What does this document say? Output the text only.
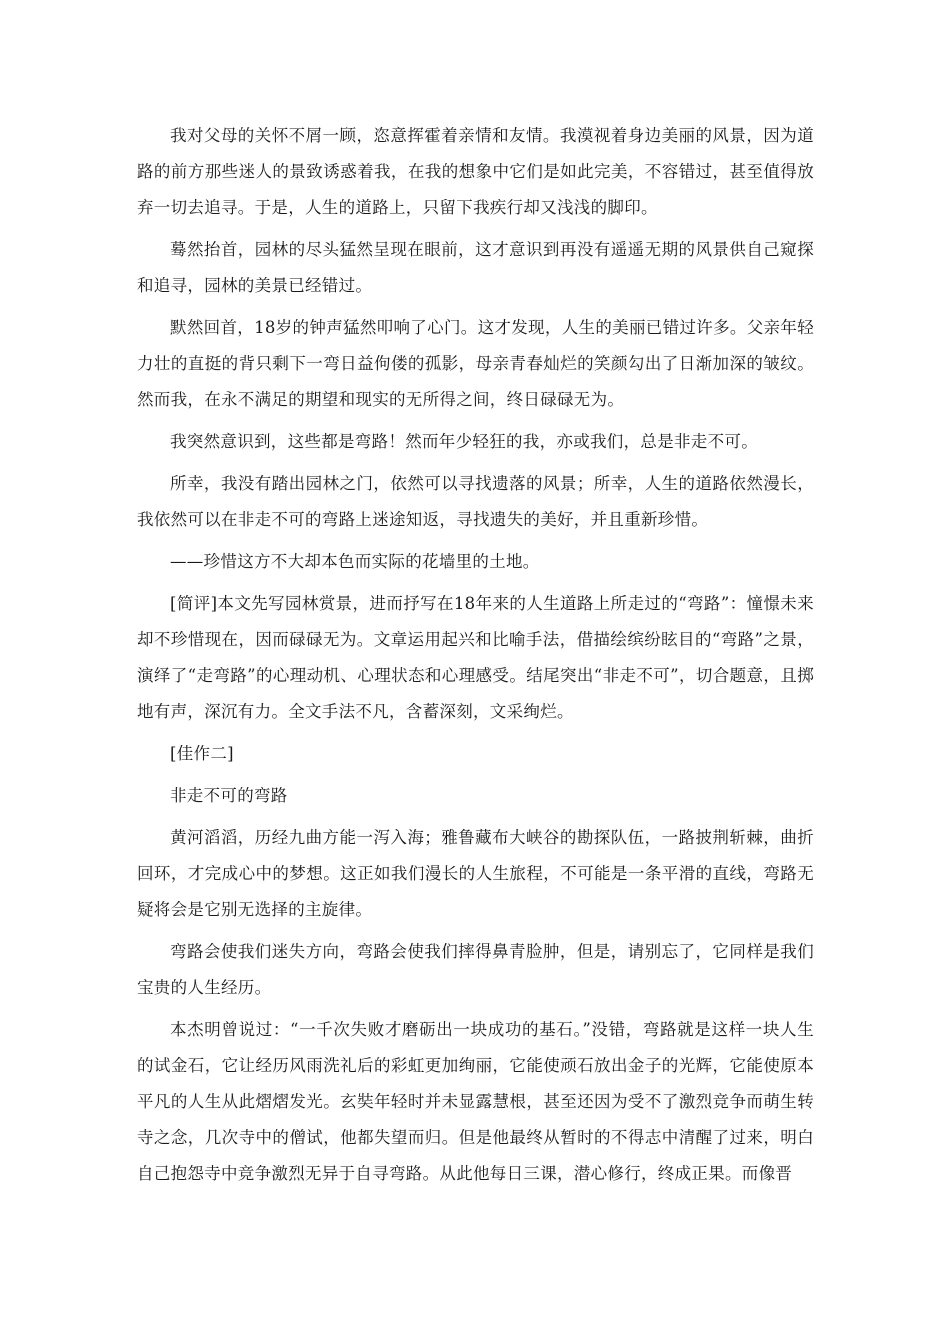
我对父母的关怀不屑一顾，恣意挥霍着亲情和友情。我漠视着身边美丽的风景，因为道路的前方那些迷人的景致诱惑着我，在我的想象中它们是如此完美，不容错过，甚至值得放弃一切去追寻。于是，人生的道路上，只留下我疾行却又浅浅的脚印。

蓦然抬首，园林的尽头猛然呈现在眼前，这才意识到再没有遥遥无期的风景供自己窥探和追寻，园林的美景已经错过。

默然回首，18岁的钟声猛然叩响了心门。这才发现，人生的美丽已错过许多。父亲年轻力壮的直挺的背只剩下一弯日益佝偻的孤影，母亲青春灿烂的笑颜勾出了日渐加深的皱纹。然而我，在永不满足的期望和现实的无所得之间，终日碌碌无为。

我突然意识到，这些都是弯路！然而年少轻狂的我，亦或我们，总是非走不可。

所幸，我没有踏出园林之门，依然可以寻找遗落的风景；所幸，人生的道路依然漫长，我依然可以在非走不可的弯路上迷途知返，寻找遗失的美好，并且重新珍惜。

——珍惜这方不大却本色而实际的花墙里的土地。

[简评]本文先写园林赏景，进而抒写在18年来的人生道路上所走过的“弯路”：憧憬未来却不珍惜现在，因而碌碌无为。文章运用起兴和比喻手法，借描绘缤纷眩目的“弯路”之景，演绎了“走弯路”的心理动机、心理状态和心理感受。结尾突出“非走不可”，切合题意，且掷地有声，深沉有力。全文手法不凡，含蓄深刻，文采绚烂。

[佳作二]

非走不可的弯路

黄河滔滔，历经九曲方能一泻入海；雅鲁藏布大峡谷的勘探队伍，一路披荆斩棘，曲折回环，才完成心中的梦想。这正如我们漫长的人生旅程，不可能是一条平滑的直线，弯路无疑将会是它别无选择的主旋律。

弯路会使我们迷失方向，弯路会使我们摔得鼻青脸肿，但是，请别忘了，它同样是我们宝贵的人生经历。

本杰明曾说过：“一千次失败才磨砺出一块成功的基石。”没错，弯路就是这样一块人生的试金石，它让经历风雨洗礼后的彩虹更加绚丽，它能使顽石放出金子的光辉，它能使原本平凡的人生从此熠熠发光。玄奘年轻时并未显露慧根，甚至还因为受不了激烈竞争而萌生转寺之念，几次寺中的僧试，他都失望而归。但是他最终从暂时的不得志中清醒了过来，明白自己抱怨寺中竞争激烈无异于自寻弯路。从此他每日三课，潜心修行，终成正果。而像晋
